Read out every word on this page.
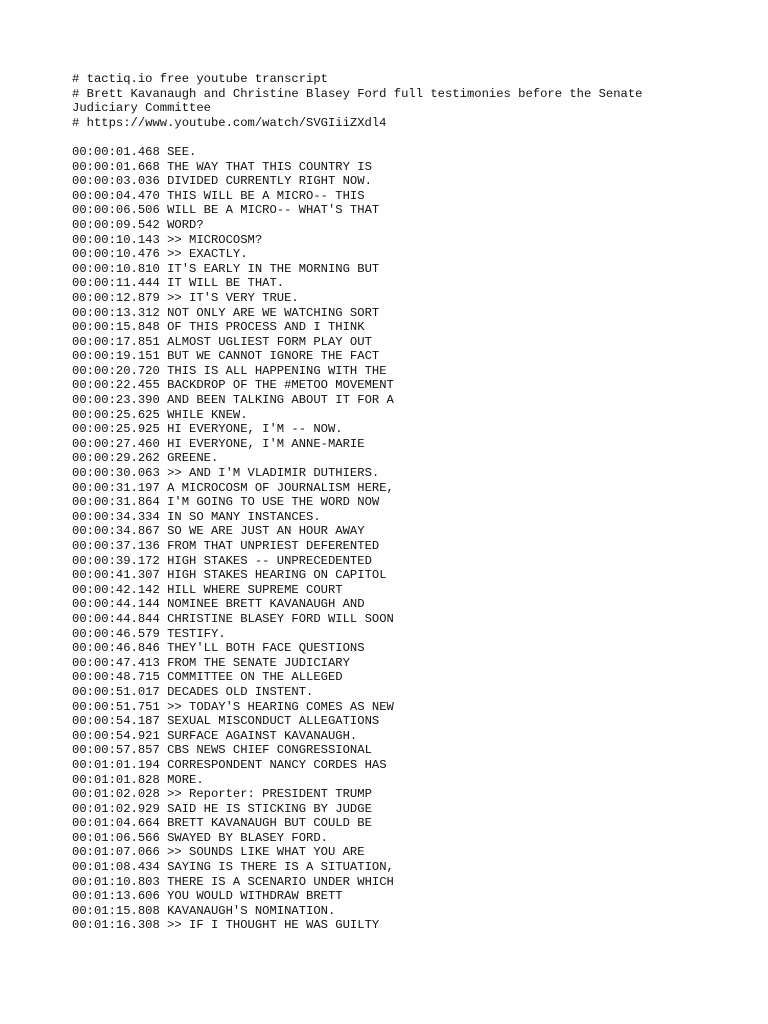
# tactiq.io free youtube transcript

# Brett Kavanaugh and Christine Blasey Ford full testimonies before the Senate Judiciary Committee

# https://www.youtube.com/watch/SVGIiiZXdl4

00:00:01.468 SEE.

00:00:01.668 THE WAY THAT THIS COUNTRY IS

00:00:03.036 DIVIDED CURRENTLY RIGHT NOW.

00:00:04.470 THIS WILL BE A MICRO-- THIS

00:00:06.506 WILL BE A MICRO-- WHAT'S THAT

00:00:09.542 WORD?

00:00:10.143 >> MICROCOSM?

00:00:10.476 >> EXACTLY.

00:00:10.810 IT'S EARLY IN THE MORNING BUT

00:00:11.444 IT WILL BE THAT.

00:00:12.879 >> IT'S VERY TRUE.

00:00:13.312 NOT ONLY ARE WE WATCHING SORT

00:00:15.848 OF THIS PROCESS AND I THINK

00:00:17.851 ALMOST UGLIEST FORM PLAY OUT

00:00:19.151 BUT WE CANNOT IGNORE THE FACT

00:00:20.720 THIS IS ALL HAPPENING WITH THE

00:00:22.455 BACKDROP OF THE #METOO MOVEMENT

00:00:23.390 AND BEEN TALKING ABOUT IT FOR A

00:00:25.625 WHILE KNEW.

00:00:25.925 HI EVERYONE, I'M -- NOW.

00:00:27.460 HI EVERYONE, I'M ANNE-MARIE

00:00:29.262 GREENE.

00:00:30.063 >> AND I'M VLADIMIR DUTHIERS.

00:00:31.197 A MICROCOSM OF JOURNALISM HERE,

00:00:31.864 I'M GOING TO USE THE WORD NOW

00:00:34.334 IN SO MANY INSTANCES.

00:00:34.867 SO WE ARE JUST AN HOUR AWAY

00:00:37.136 FROM THAT UNPRIEST DEFERENTED

00:00:39.172 HIGH STAKES -- UNPRECEDENTED

00:00:41.307 HIGH STAKES HEARING ON CAPITOL

00:00:42.142 HILL WHERE SUPREME COURT

00:00:44.144 NOMINEE BRETT KAVANAUGH AND

00:00:44.844 CHRISTINE BLASEY FORD WILL SOON

00:00:46.579 TESTIFY.

00:00:46.846 THEY'LL BOTH FACE QUESTIONS

00:00:47.413 FROM THE SENATE JUDICIARY

00:00:48.715 COMMITTEE ON THE ALLEGED

00:00:51.017 DECADES OLD INSTENT.

00:00:51.751 >> TODAY'S HEARING COMES AS NEW

00:00:54.187 SEXUAL MISCONDUCT ALLEGATIONS

00:00:54.921 SURFACE AGAINST KAVANAUGH.

00:00:57.857 CBS NEWS CHIEF CONGRESSIONAL

00:01:01.194 CORRESPONDENT NANCY CORDES HAS

00:01:01.828 MORE.

00:01:02.028 >> Reporter: PRESIDENT TRUMP

00:01:02.929 SAID HE IS STICKING BY JUDGE

00:01:04.664 BRETT KAVANAUGH BUT COULD BE

00:01:06.566 SWAYED BY BLASEY FORD.

00:01:07.066 >> SOUNDS LIKE WHAT YOU ARE

00:01:08.434 SAYING IS THERE IS A SITUATION,

00:01:10.803 THERE IS A SCENARIO UNDER WHICH

00:01:13.606 YOU WOULD WITHDRAW BRETT

00:01:15.808 KAVANAUGH'S NOMINATION.

00:01:16.308 >> IF I THOUGHT HE WAS GUILTY
